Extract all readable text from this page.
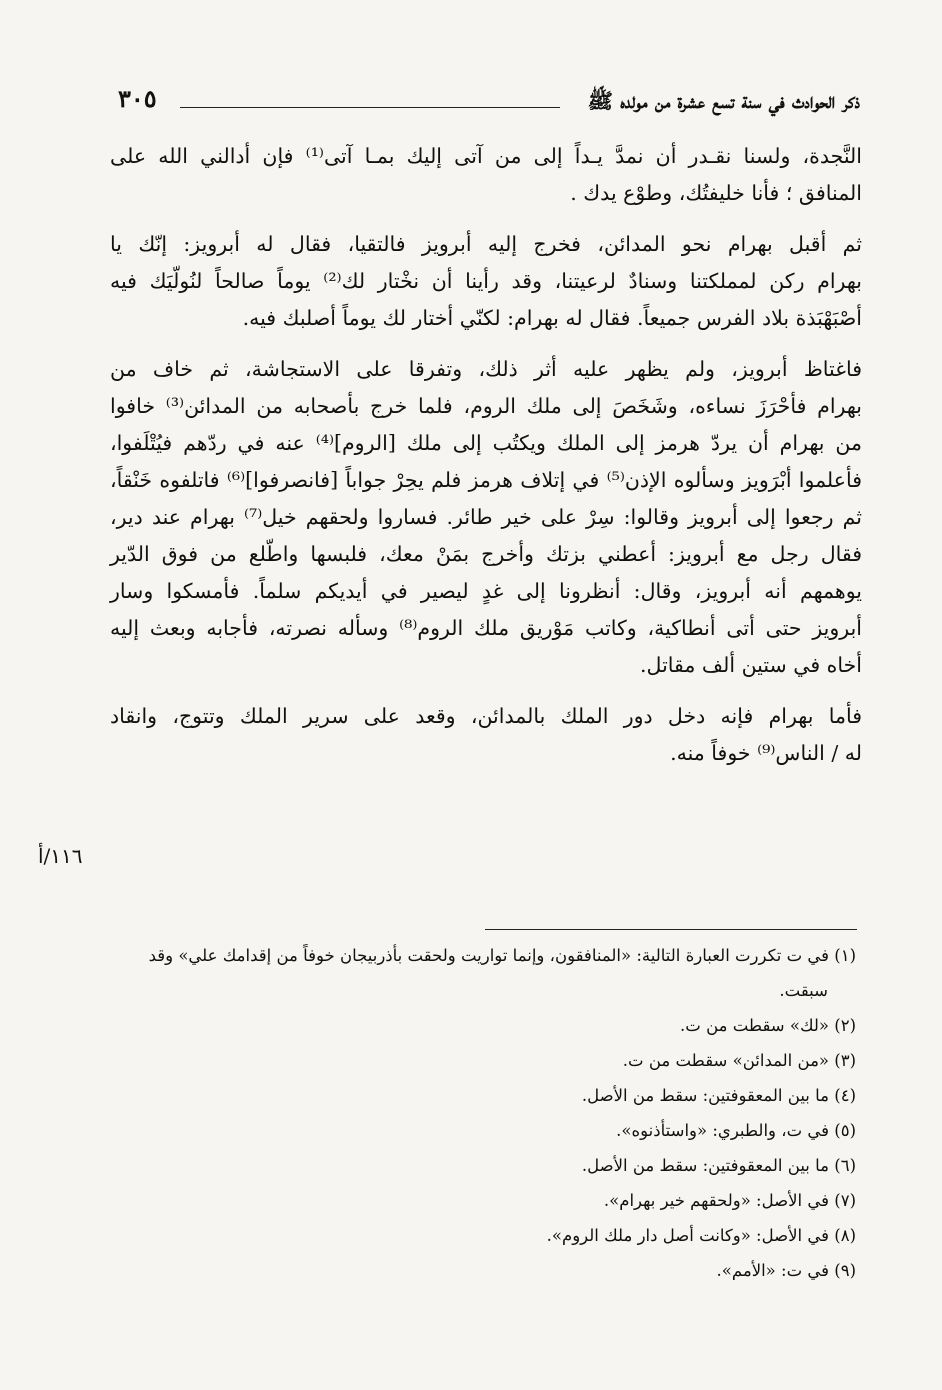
ذكر الحوادث في سنة تسع عشرة من مولده ﷺ
٣٠٥

النَّجدة، ولسنا نقـدر أن نمدَّ يـداً إلى من آتى إليك بمـا آتى⁽¹⁾ فإن أدالني الله على
المنافق ؛ فأنا خليفتُك، وطوْع يدك .

ثم أقبل بهرام نحو المدائن، فخرج إليه أبرويز فالتقيا، فقال له أبرويز: إنّك يا
بهرام ركن لمملكتنا وسنادٌ لرعيتنا، وقد رأينا أن نخْتار لك⁽²⁾ يوماً صالحاً لنُولّيَك فيه
أصْبَهْبَذة بلاد الفرس جميعاً. فقال له بهرام: لكنّي أختار لك يوماً أصلبك فيه.

فاغتاظ أبرويز، ولم يظهر عليه أثر ذلك، وتفرقا على الاستجاشة، ثم خاف من
بهرام فأحْرَزَ نساءه، وشَخَصَ إلى ملك الروم، فلما خرج بأصحابه من المدائن⁽³⁾ خافوا
من بهرام أن يردّ هرمز إلى الملك ويكتُب إلى ملك [الروم]⁽⁴⁾ عنه في ردّهم فيُتْلَفوا،
فأعلموا أبْرَويز وسألوه الإذن⁽⁵⁾ في إتلاف هرمز فلم يحِرْ جواباً [فانصرفوا]⁽⁶⁾ فاتلفوه خَنْقاً،
ثم رجعوا إلى أبرويز وقالوا: سِرْ على خير طائر. فساروا ولحقهم خيل⁽⁷⁾ بهرام عند دير،
فقال رجل مع أبرويز: أعطني بزتك وأخرج بمَنْ معك، فلبسها واطّلع من فوق الدّير
يوهمهم أنه أبرويز، وقال: أنظرونا إلى غدٍ ليصير في أيديكم سلماً. فأمسكوا وسار
أبرويز حتى أتى أنطاكية، وكاتب مَوْريق ملك الروم⁽⁸⁾ وسأله نصرته، فأجابه وبعث إليه
أخاه في ستين ألف مقاتل.

فأما بهرام فإنه دخل دور الملك بالمدائن، وقعد على سرير الملك وتتوج، وانقاد
له / الناس⁽⁹⁾ خوفاً منه.

١١٦/أ
(١) في ت تكررت العبارة التالية: «المنافقون، وإنما تواريت ولحقت بأذربيجان خوفاً من إقدامك علي» وقد
سبقت.
(٢) «لك» سقطت من ت.
(٣) «من المدائن» سقطت من ت.
(٤) ما بين المعقوفتين: سقط من الأصل.
(٥) في ت، والطبري: «واستأذنوه».
(٦) ما بين المعقوفتين: سقط من الأصل.
(٧) في الأصل: «ولحقهم خير بهرام».
(٨) في الأصل: «وكانت أصل دار ملك الروم».
(٩) في ت: «الأمم».
